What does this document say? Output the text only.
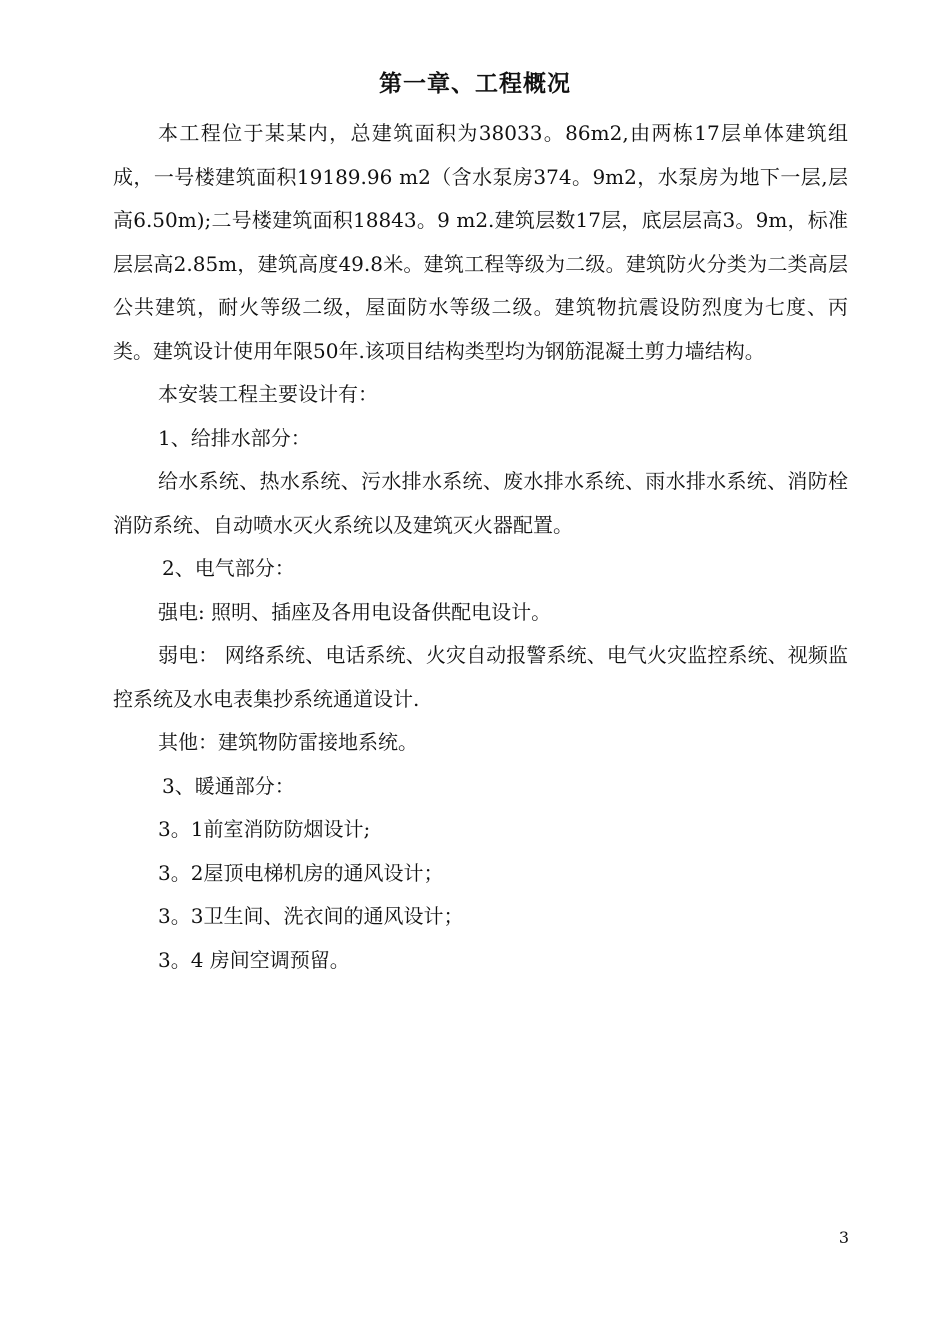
第一章、工程概况

本工程位于某某内，总建筑面积为38033。86m2,由两栋17层单体建筑组成，一号楼建筑面积19189.96 m2（含水泵房374。9m2，水泵房为地下一层,层高6.50m);二号楼建筑面积18843。9 m2.建筑层数17层，底层层高3。9m，标准层层高2.85m，建筑高度49.8米。建筑工程等级为二级。建筑防火分类为二类高层公共建筑，耐火等级二级，屋面防水等级二级。建筑物抗震设防烈度为七度、丙类。建筑设计使用年限50年.该项目结构类型均为钢筋混凝土剪力墙结构。

本安装工程主要设计有：

1、给排水部分：

给水系统、热水系统、污水排水系统、废水排水系统、雨水排水系统、消防栓消防系统、自动喷水灭火系统以及建筑灭火器配置。

2、电气部分：

强电: 照明、插座及各用电设备供配电设计。

弱电： 网络系统、电话系统、火灾自动报警系统、电气火灾监控系统、视频监控系统及水电表集抄系统通道设计.

其他：建筑物防雷接地系统。

3、暖通部分：

3。1前室消防防烟设计;

3。2屋顶电梯机房的通风设计；

3。3卫生间、洗衣间的通风设计；

3。4 房间空调预留。

3
